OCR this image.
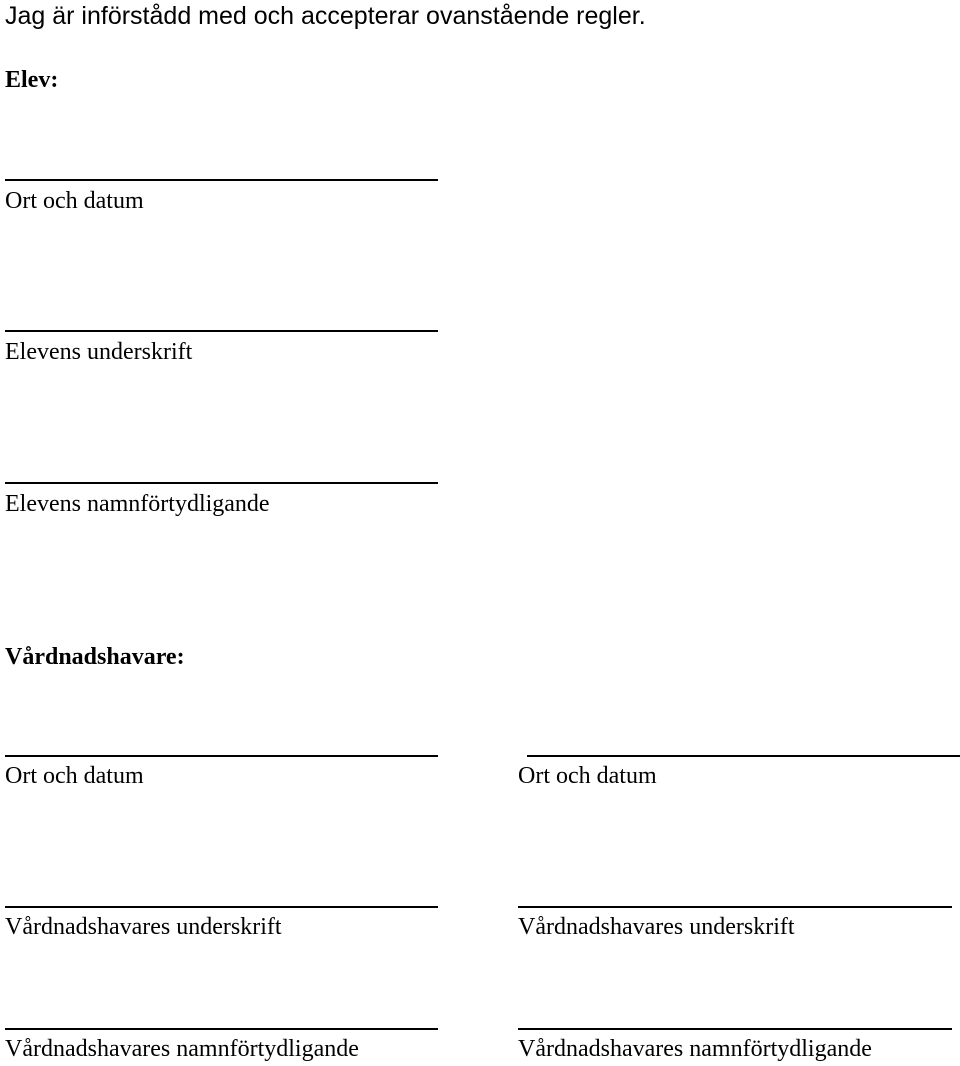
Jag är införstådd med och accepterar ovanstående regler.
Elev:
Ort och datum
Elevens underskrift
Elevens namnförtydligande
Vårdnadshavare:
Ort och datum
Vårdnadshavares underskrift
Vårdnadshavares namnförtydligande
Ort och datum
Vårdnadshavares underskrift
Vårdnadshavares namnförtydligande
